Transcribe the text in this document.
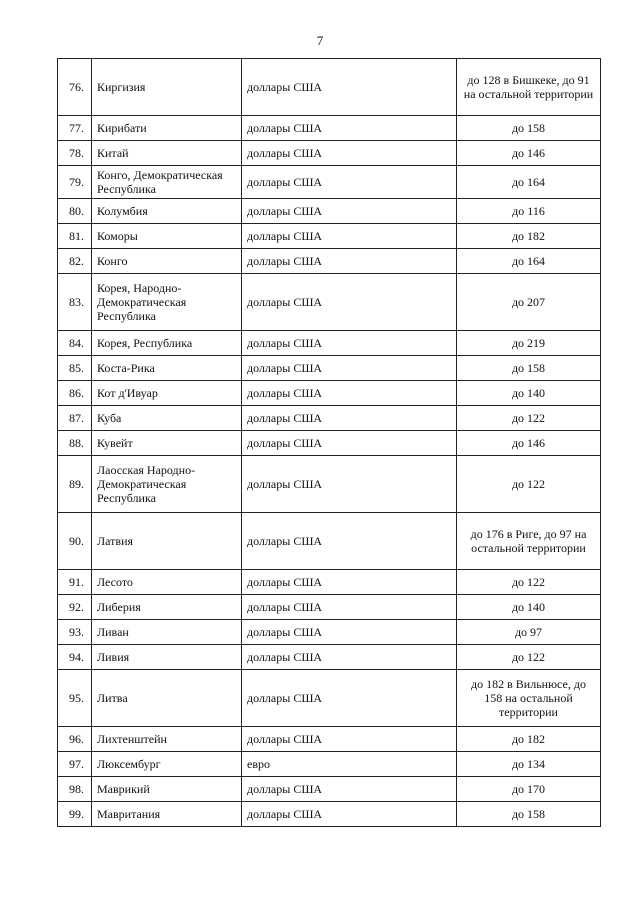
7
76.	Киргизия	доллары США	до 128 в Бишкеке, до 91 на остальной территории
77.	Кирибати	доллары США	до 158
78.	Китай	доллары США	до 146
79.	Конго, Демократическая Республика	доллары США	до 164
80.	Колумбия	доллары США	до 116
81.	Коморы	доллары США	до 182
82.	Конго	доллары США	до 164
83.	Корея, Народно-Демократическая Республика	доллары США	до 207
84.	Корея, Республика	доллары США	до 219
85.	Коста-Рика	доллары США	до 158
86.	Кот д'Ивуар	доллары США	до 140
87.	Куба	доллары США	до 122
88.	Кувейт	доллары США	до 146
89.	Лаосская Народно-Демократическая Республика	доллары США	до 122
90.	Латвия	доллары США	до 176 в Риге, до 97 на остальной территории
91.	Лесото	доллары США	до 122
92.	Либерия	доллары США	до 140
93.	Ливан	доллары США	до 97
94.	Ливия	доллары США	до 122
95.	Литва	доллары США	до 182 в Вильнюсе, до 158 на остальной территории
96.	Лихтенштейн	доллары США	до 182
97.	Люксембург	евро	до 134
98.	Маврикий	доллары США	до 170
99.	Мавритания	доллары США	до 158
